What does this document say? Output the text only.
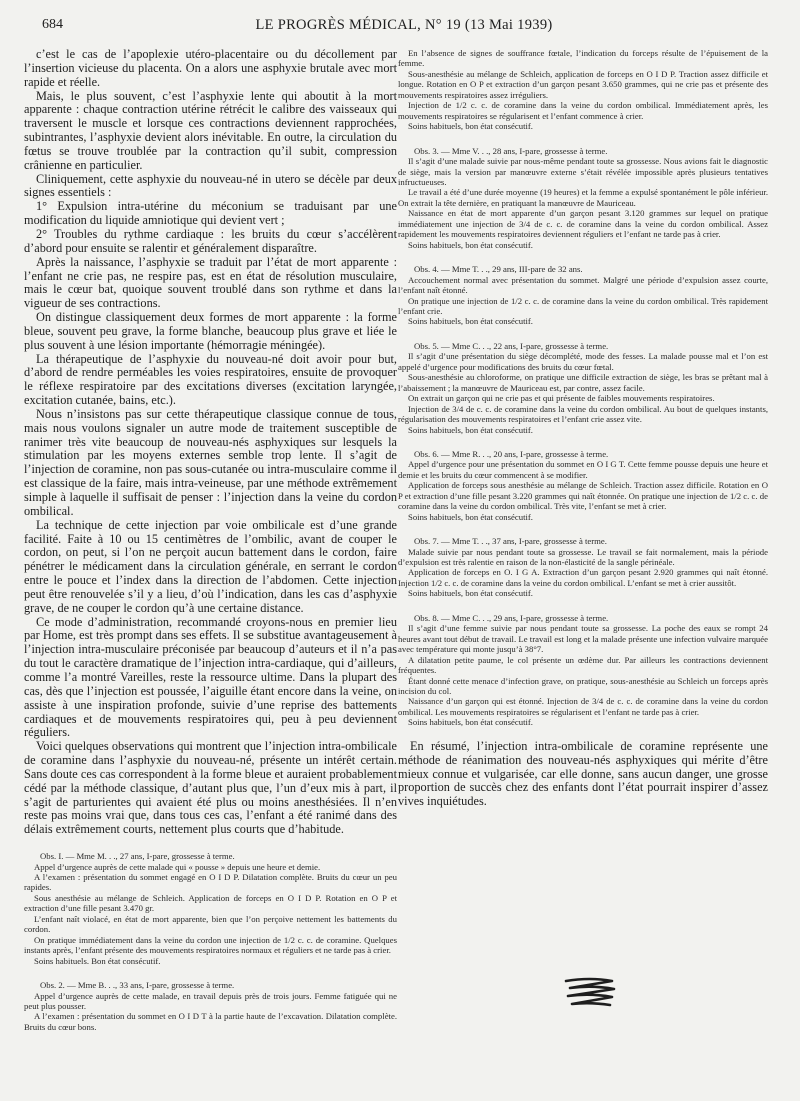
684	LE PROGRÈS MÉDICAL, N° 19 (13 Mai 1939)

c’est le cas de l’apoplexie utéro-placentaire ou du décollement par l’insertion vicieuse du placenta. On a alors une asphyxie brutale avec mort rapide et réelle.

Mais, le plus souvent, c’est l’asphyxie lente qui aboutit à la mort apparente : chaque contraction utérine rétrécit le calibre des vaisseaux qui traversent le muscle et lorsque ces contractions deviennent rapprochées, subintrantes, l’asphyxie devient alors inévitable. En outre, la circulation du fœtus se trouve troublée par la contraction qu’il subit, compression crânienne en particulier.

Cliniquement, cette asphyxie du nouveau-né in utero se décèle par deux signes essentiels :

1° Expulsion intra-utérine du méconium se traduisant par une modification du liquide amniotique qui devient vert ;

2° Troubles du rythme cardiaque : les bruits du cœur s’accélèrent d’abord pour ensuite se ralentir et généralement disparaître.

Après la naissance, l’asphyxie se traduit par l’état de mort apparente : l’enfant ne crie pas, ne respire pas, est en état de résolution musculaire, mais le cœur bat, quoique souvent troublé dans son rythme et dans la vigueur de ses contractions.

On distingue classiquement deux formes de mort apparente : la forme bleue, souvent peu grave, la forme blanche, beaucoup plus grave et liée le plus souvent à une lésion importante (hémorragie méningée).

La thérapeutique de l’asphyxie du nouveau-né doit avoir pour but, d’abord de rendre perméables les voies respiratoires, ensuite de provoquer le réflexe respiratoire par des excitations diverses (excitation laryngée, excitation cutanée, bains, etc.).

Nous n’insistons pas sur cette thérapeutique classique connue de tous, mais nous voulons signaler un autre mode de traitement susceptible de ranimer très vite beaucoup de nouveau-nés asphyxiques sur lesquels la stimulation par les moyens externes semble trop lente. Il s’agit de l’injection de coramine, non pas sous-cutanée ou intra-musculaire comme il est classique de la faire, mais intra-veineuse, par une méthode extrêmement simple à laquelle il suffisait de penser : l’injection dans la veine du cordon ombilical.

La technique de cette injection par voie ombilicale est d’une grande facilité. Faite à 10 ou 15 centimètres de l’ombilic, avant de couper le cordon, on peut, si l’on ne perçoit aucun battement dans le cordon, faire pénétrer le médicament dans la circulation générale, en serrant le cordon entre le pouce et l’index dans la direction de l’abdomen. Cette injection peut être renouvelée s’il y a lieu, d’où l’indication, dans les cas d’asphyxie grave, de ne couper le cordon qu’à une certaine distance.

Ce mode d’administration, recommandé croyons-nous en premier lieu par Home, est très prompt dans ses effets. Il se substitue avantageusement à l’injection intra-musculaire préconisée par beaucoup d’auteurs et il n’a pas du tout le caractère dramatique de l’injection intra-cardiaque, qui d’ailleurs, comme l’a montré Vareilles, reste la ressource ultime. Dans la plupart des cas, dès que l’injection est poussée, l’aiguille étant encore dans la veine, on assiste à une inspiration profonde, suivie d’une reprise des battements cardiaques et de mouvements respiratoires qui, peu à peu deviennent réguliers.

Voici quelques observations qui montrent que l’injection intra-ombilicale de coramine dans l’asphyxie du nouveau-né, présente un intérêt certain. Sans doute ces cas correspondent à la forme bleue et auraient probablement cédé par la méthode classique, d’autant plus que, l’un d’eux mis à part, il s’agit de parturientes qui avaient été plus ou moins anesthésiées. Il n’en reste pas moins vrai que, dans tous ces cas, l’enfant a été ranimé dans des délais extrêmement courts, nettement plus courts que d’habitude.

Obs. I. — Mme M. . ., 27 ans, I-pare, grossesse à terme.

Appel d’urgence auprès de cette malade qui « pousse » depuis une heure et demie.

A l’examen : présentation du sommet engagé en O I D P. Dilatation complète. Bruits du cœur un peu rapides.

Sous anesthésie au mélange de Schleich. Application de forceps en O I D P. Rotation en O P et extraction d’une fille pesant 3.470 gr.

L’enfant naît violacé, en état de mort apparente, bien que l’on perçoive nettement les battements du cordon.

On pratique immédiatement dans la veine du cordon une injection de 1/2 c. c. de coramine. Quelques instants après, l’enfant présente des mouvements respiratoires normaux et réguliers et ne tarde pas à crier.

Soins habituels. Bon état consécutif.

Obs. 2. — Mme B. . ., 33 ans, I-pare, grossesse à terme.

Appel d’urgence auprès de cette malade, en travail depuis près de trois jours. Femme fatiguée qui ne peut plus pousser.

A l’examen : présentation du sommet en O I D T à la partie haute de l’excavation. Dilatation complète. Bruits du cœur bons.

En l’absence de signes de souffrance fœtale, l’indication du forceps résulte de l’épuisement de la femme.

Sous-anesthésie au mélange de Schleich, application de forceps en O I D P. Traction assez difficile et longue. Rotation en O P et extraction d’un garçon pesant 3.650 grammes, qui ne crie pas et présente des mouvements respiratoires assez irréguliers.

Injection de 1/2 c. c. de coramine dans la veine du cordon ombilical. Immédiatement après, les mouvements respiratoires se régularisent et l’enfant commence à crier.

Soins habituels, bon état consécutif.

Obs. 3. — Mme V. . ., 28 ans, I-pare, grossesse à terme.

Il s’agit d’une malade suivie par nous-même pendant toute sa grossesse. Nous avions fait le diagnostic de siège, mais la version par manœuvre externe s’était révélée impossible après plusieurs tentatives infructueuses.

Le travail a été d’une durée moyenne (19 heures) et la femme a expulsé spontanément le pôle inférieur. On extrait la tête dernière, en pratiquant la manœuvre de Mauriceau.

Naissance en état de mort apparente d’un garçon pesant 3.120 grammes sur lequel on pratique immédiatement une injection de 3/4 de c. c. de coramine dans la veine du cordon ombilical. Assez rapidement les mouvements respiratoires deviennent réguliers et l’enfant ne tarde pas à crier.

Soins habituels, bon état consécutif.

Obs. 4. — Mme T. . ., 29 ans, III-pare de 32 ans.

Accouchement normal avec présentation du sommet. Malgré une période d’expulsion assez courte, l’enfant naît étonné.

On pratique une injection de 1/2 c. c. de coramine dans la veine du cordon ombilical. Très rapidement l’enfant crie.

Soins habituels, bon état consécutif.

Obs. 5. — Mme C. . ., 22 ans, I-pare, grossesse à terme.

Il s’agit d’une présentation du siège décomplété, mode des fesses. La malade pousse mal et l’on est appelé d’urgence pour modifications des bruits du cœur fœtal.

Sous-anesthésie au chloroforme, on pratique une difficile extraction de siège, les bras se prêtant mal à l’abaissement ; la manœuvre de Mauriceau est, par contre, assez facile.

On extrait un garçon qui ne crie pas et qui présente de faibles mouvements respiratoires.

Injection de 3/4 de c. c. de coramine dans la veine du cordon ombilical. Au bout de quelques instants, régularisation des mouvements respiratoires et l’enfant crie assez vite.

Soins habituels, bon état consécutif.

Obs. 6. — Mme R. . ., 20 ans, I-pare, grossesse à terme.

Appel d’urgence pour une présentation du sommet en O I G T. Cette femme pousse depuis une heure et demie et les bruits du cœur commencent à se modifier.

Application de forceps sous anesthésie au mélange de Schleich. Traction assez difficile. Rotation en O P et extraction d’une fille pesant 3.220 grammes qui naît étonnée. On pratique une injection de 1/2 c. c. de coramine dans la veine du cordon ombilical. Très vite, l’enfant se met à crier.

Soins habituels, bon état consécutif.

Obs. 7. — Mme T. . ., 37 ans, I-pare, grossesse à terme.

Malade suivie par nous pendant toute sa grossesse. Le travail se fait normalement, mais la période d’expulsion est très ralentie en raison de la non-élasticité de la sangle périnéale.

Application de forceps en O. I G A. Extraction d’un garçon pesant 2.920 grammes qui naît étonné. Injection 1/2 c. c. de coramine dans la veine du cordon ombilical. L’enfant se met à crier aussitôt.

Soins habituels, bon état consécutif.

Obs. 8. — Mme C. . ., 29 ans, I-pare, grossesse à terme.

Il s’agit d’une femme suivie par nous pendant toute sa grossesse. La poche des eaux se rompt 24 heures avant tout début de travail. Le travail est long et la malade présente une infection vulvaire marquée avec température qui monte jusqu’à 38°7.

A dilatation petite paume, le col présente un œdème dur. Par ailleurs les contractions deviennent fréquentes.

Étant donné cette menace d’infection grave, on pratique, sous-anesthésie au Schleich un forceps après incision du col.

Naissance d’un garçon qui est étonné. Injection de 3/4 de c. c. de coramine dans la veine du cordon ombilical. Les mouvements respiratoires se régularisent et l’enfant ne tarde pas à crier.

Soins habituels, bon état consécutif.

En résumé, l’injection intra-ombilicale de coramine représente une méthode de réanimation des nouveau-nés asphyxiques qui mérite d’être mieux connue et vulgarisée, car elle donne, sans aucun danger, une grosse proportion de succès chez des enfants dont l’état pourrait inspirer d’assez vives inquiétudes.
